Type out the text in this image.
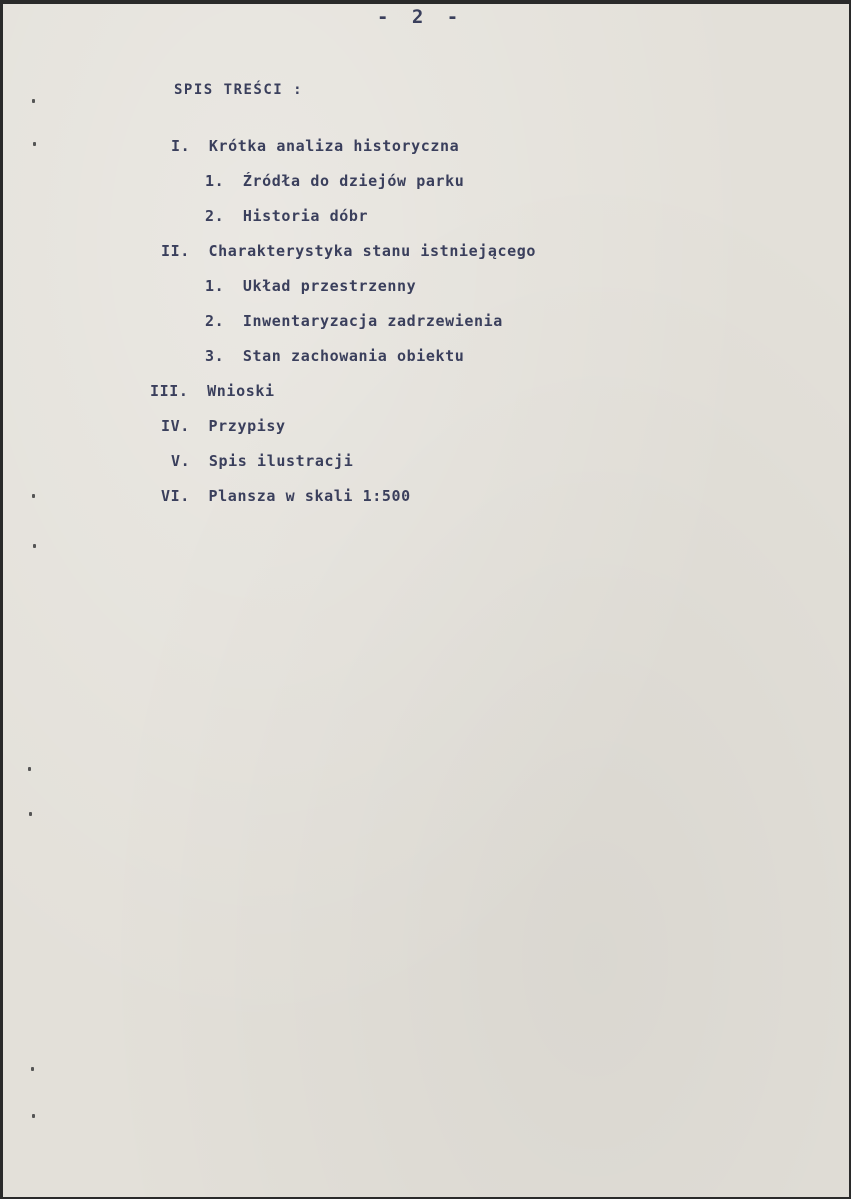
- 2 -
SPIS TREŚCI :
I. Krótka analiza historyczna
1. Źródła do dziejów parku
2. Historia dóbr
II. Charakterystyka stanu istniejącego
1. Układ przestrzenny
2. Inwentaryzacja zadrzewienia
3. Stan zachowania obiektu
III. Wnioski
IV. Przypisy
V. Spis ilustracji
VI. Plansza w skali 1:500
